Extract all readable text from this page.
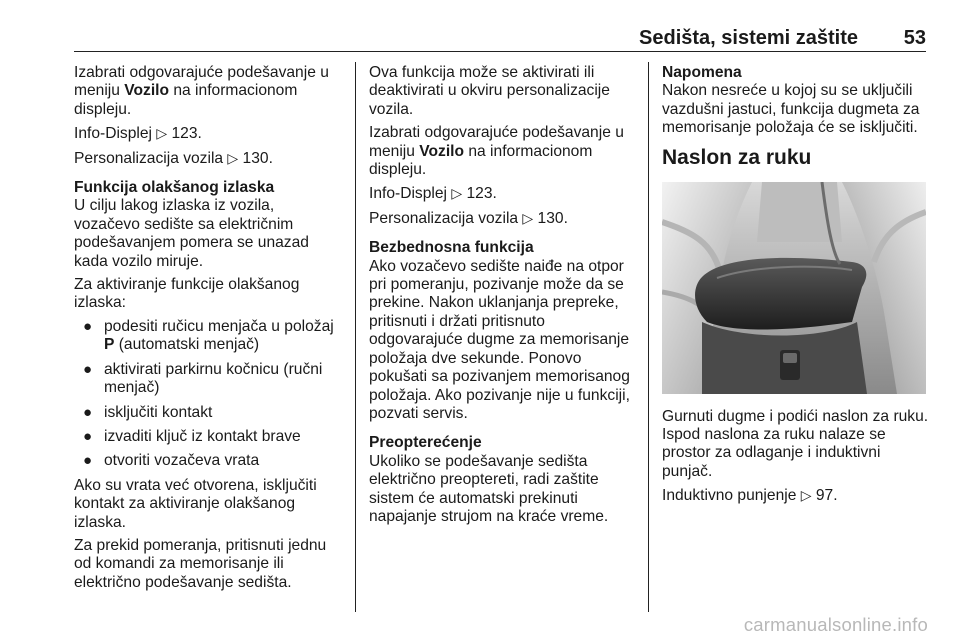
Sedišta, sistemi zaštite 53

Izabrati odgovarajuće podešavanje u meniju Vozilo na informacionom displeju.

Info-Displej ▷ 123.

Personalizacija vozila ▷ 130.

Funkcija olakšanog izlaska

U cilju lakog izlaska iz vozila, vozačevo sedište sa električnim podešavanjem pomera se unazad kada vozilo miruje.

Za aktiviranje funkcije olakšanog izlaska:

● podesiti ručicu menjača u položaj P (automatski menjač)
● aktivirati parkirnu kočnicu (ručni menjač)
● isključiti kontakt
● izvaditi ključ iz kontakt brave
● otvoriti vozačeva vrata

Ako su vrata već otvorena, isključiti kontakt za aktiviranje olakšanog izlaska.

Za prekid pomeranja, pritisnuti jednu od komandi za memorisanje ili električno podešavanje sedišta.

Ova funkcija može se aktivirati ili deaktivirati u okviru personalizacije vozila.

Izabrati odgovarajuće podešavanje u meniju Vozilo na informacionom displeju.

Info-Displej ▷ 123.

Personalizacija vozila ▷ 130.

Bezbednosna funkcija

Ako vozačevo sedište naiđe na otpor pri pomeranju, pozivanje može da se prekine. Nakon uklanjanja prepreke, pritisnuti i držati pritisnuto odgovarajuće dugme za memorisanje položaja dve sekunde. Ponovo pokušati sa pozivanjem memorisanog položaja. Ako pozivanje nije u funkciji, pozvati servis.

Preopterećenje

Ukoliko se podešavanje sedišta električno preoptereti, radi zaštite sistem će automatski prekinuti napajanje strujom na kraće vreme.

Napomena

Nakon nesreće u kojoj su se uključili vazdušni jastuci, funkcija dugmeta za memorisanje položaja će se isključiti.

Naslon za ruku

Gurnuti dugme i podići naslon za ruku. Ispod naslona za ruku nalaze se prostor za odlaganje i induktivni punjač.

Induktivno punjenje ▷ 97.

carmanualsonline.info
